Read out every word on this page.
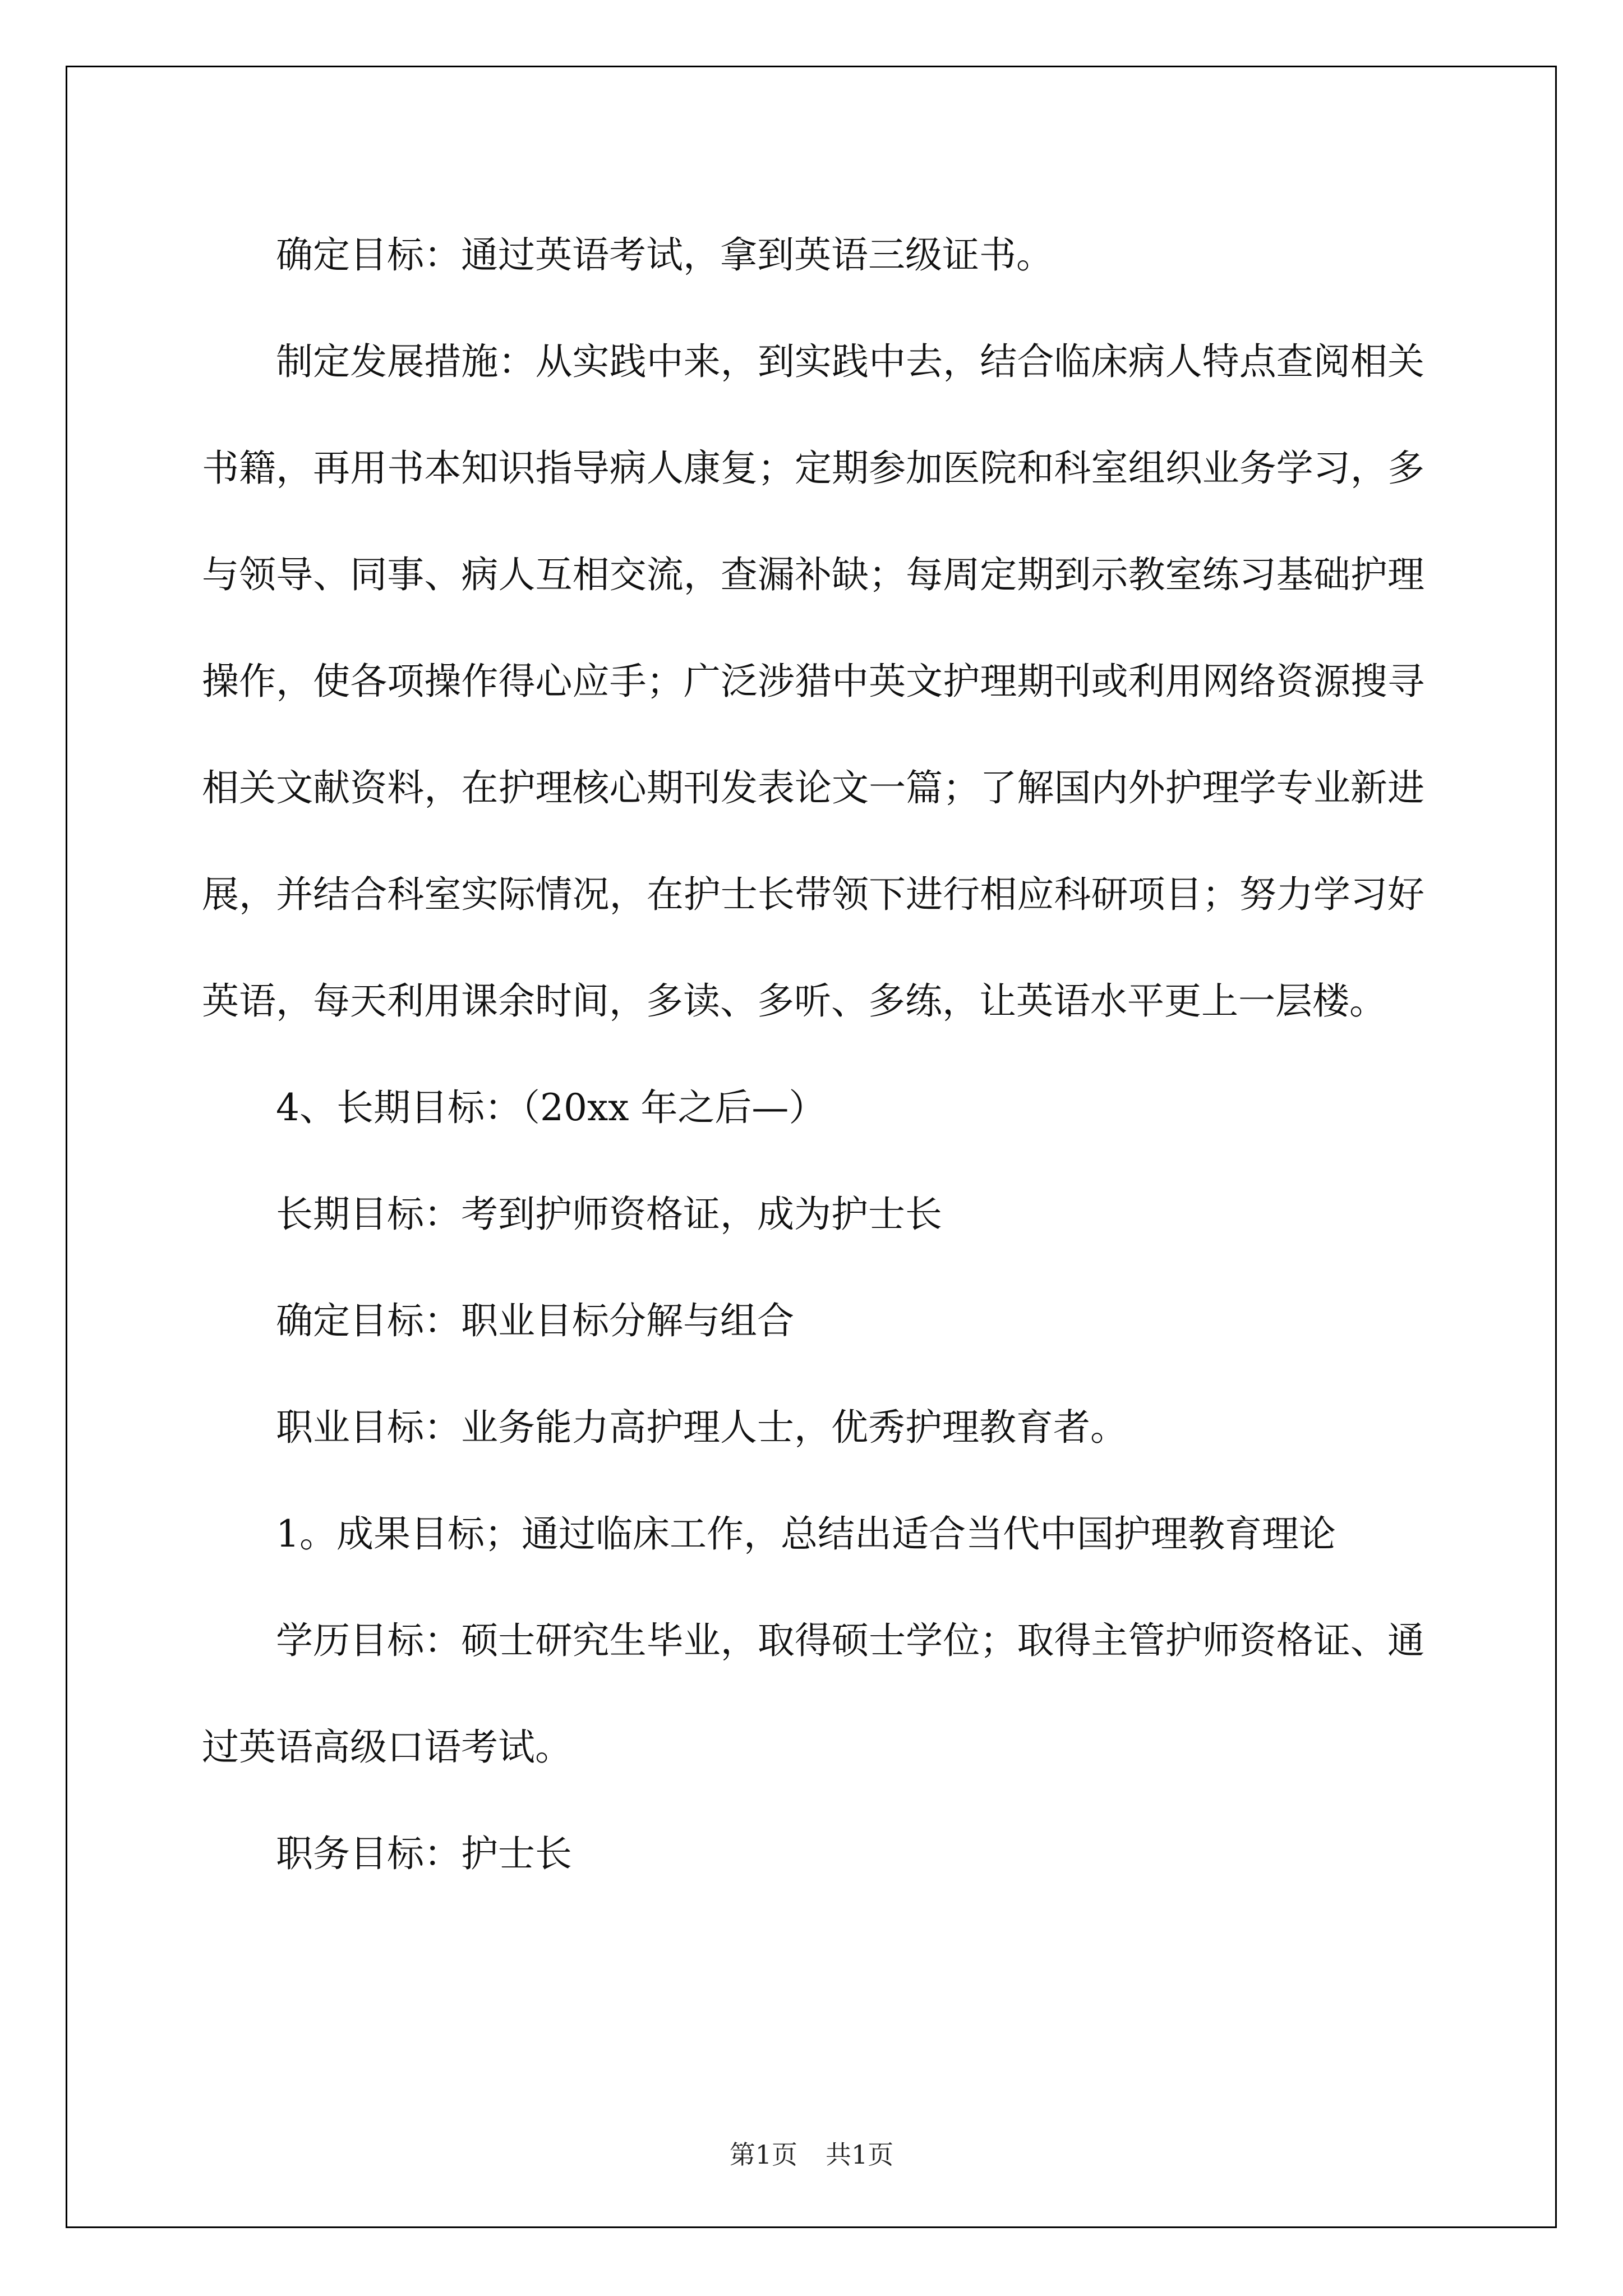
确定目标：通过英语考试，拿到英语三级证书。

制定发展措施：从实践中来，到实践中去，结合临床病人特点查阅相关书籍，再用书本知识指导病人康复；定期参加医院和科室组织业务学习，多与领导、同事、病人互相交流，查漏补缺；每周定期到示教室练习基础护理操作，使各项操作得心应手；广泛涉猎中英文护理期刊或利用网络资源搜寻相关文献资料，在护理核心期刊发表论文一篇；了解国内外护理学专业新进展，并结合科室实际情况，在护士长带领下进行相应科研项目；努力学习好英语，每天利用课余时间，多读、多听、多练，让英语水平更上一层楼。

4、长期目标：（20xx 年之后—）

长期目标：考到护师资格证，成为护士长

确定目标：职业目标分解与组合

职业目标：业务能力高护理人士，优秀护理教育者。

1。成果目标；通过临床工作，总结出适合当代中国护理教育理论

学历目标：硕士研究生毕业，取得硕士学位；取得主管护师资格证、通过英语高级口语考试。

职务目标：护士长

第1页 共1页
